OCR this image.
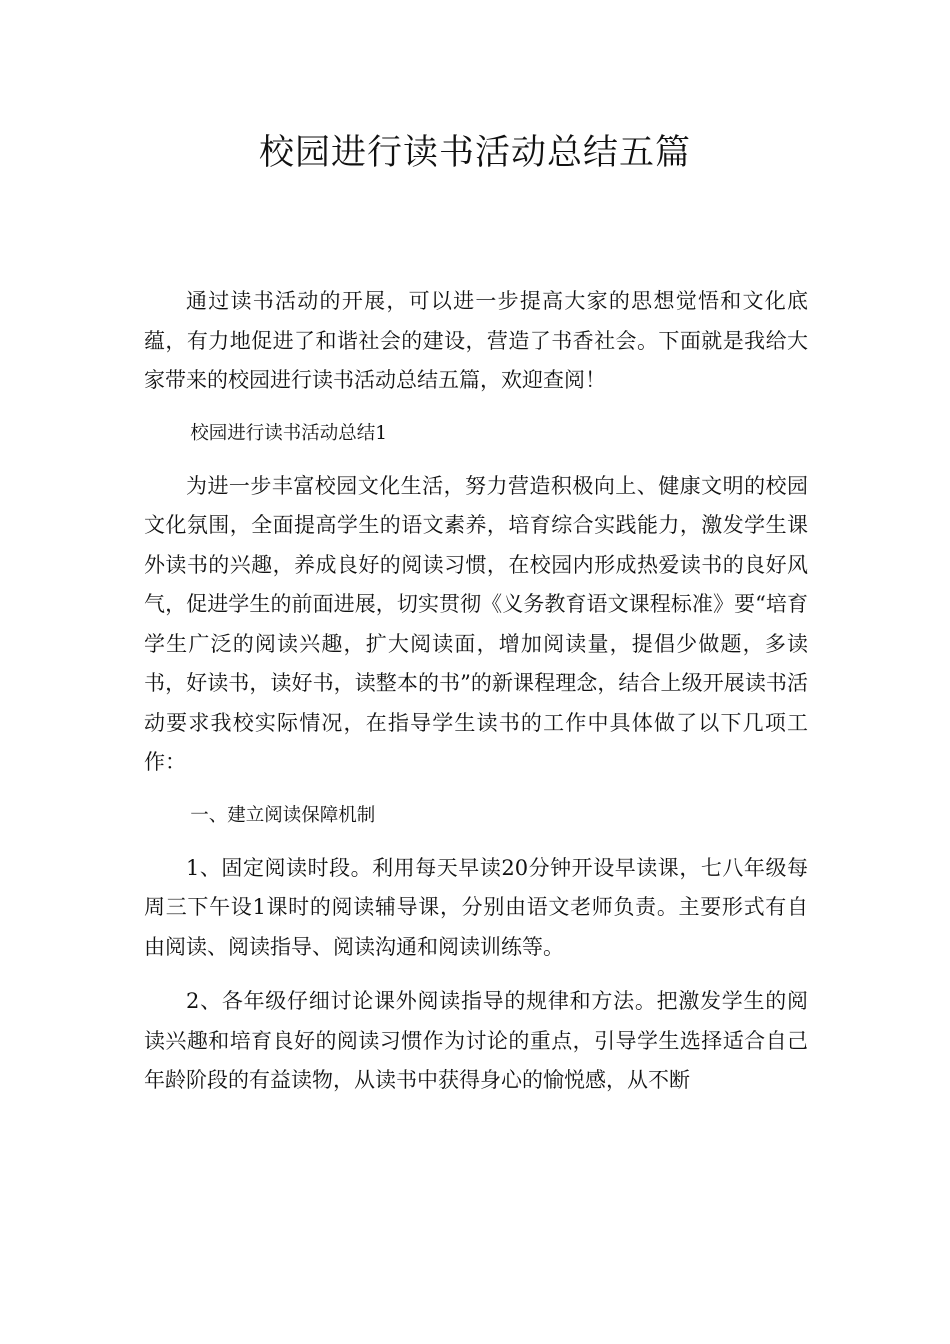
校园进行读书活动总结五篇

通过读书活动的开展，可以进一步提高大家的思想觉悟和文化底蕴，有力地促进了和谐社会的建设，营造了书香社会。下面就是我给大家带来的校园进行读书活动总结五篇，欢迎查阅！

校园进行读书活动总结1

为进一步丰富校园文化生活，努力营造积极向上、健康文明的校园文化氛围，全面提高学生的语文素养，培育综合实践能力，激发学生课外读书的兴趣，养成良好的阅读习惯，在校园内形成热爱读书的良好风气，促进学生的前面进展，切实贯彻《义务教育语文课程标准》要“培育学生广泛的阅读兴趣，扩大阅读面，增加阅读量，提倡少做题，多读书，好读书，读好书，读整本的书”的新课程理念，结合上级开展读书活动要求我校实际情况，在指导学生读书的工作中具体做了以下几项工作：

一、建立阅读保障机制

1、固定阅读时段。利用每天早读20分钟开设早读课，七八年级每周三下午设1课时的阅读辅导课，分别由语文老师负责。主要形式有自由阅读、阅读指导、阅读沟通和阅读训练等。

2、各年级仔细讨论课外阅读指导的规律和方法。把激发学生的阅读兴趣和培育良好的阅读习惯作为讨论的重点，引导学生选择适合自己年龄阶段的有益读物，从读书中获得身心的愉悦感，从不断
